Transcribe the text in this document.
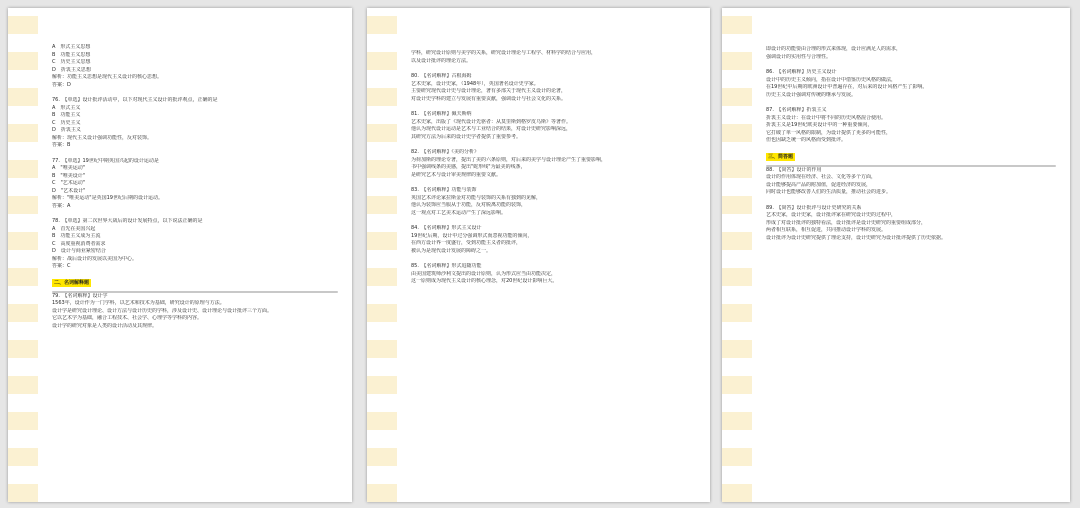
A　形式主义思想
B　功能主义思想
C　历史主义思想
D　折衷主义思想
解析：功能主义思想是现代主义设计的核心思想。
答案：D
76.　【单选】设计批评活动中，以下对现代主义设计的批评观点，正确的是
A　形式主义
B　功能主义
C　历史主义
D　折衷主义
解析：现代主义设计强调功能性，反对装饰。
答案：B
77.　【单选】19世纪中期英国兴起的设计运动是
A　"唯美运动"
B　"唯美设计"
C　"艺术运动"
D　"艺术设计"
解析："唯美运动"是英国19世纪后期的设计运动。
答案：A
78.　【单选】第二次世界大战后的设计发展特点，以下说法正确的是
A　首先在美国兴起
B　功能主义成为主流
C　高度重视消费者需求
D　设计与商业紧密结合
解析：战后设计的发展以美国为中心。
答案：C
二、名词解释题
79.　【名词解释】设计学
1563年，设计作为一门学科，以艺术和技术为基础，研究设计的原理与方法。
设计学是研究设计理论、设计方法与设计历史的学科，涉及设计史、设计理论与设计批评三个方面。
它以艺术学为基础，融合工程技术、社会学、心理学等学科的内容。
设计学的研究对象是人类的设计活动及其规律。
学科，研究设计原则与美学的关系，研究设计理论与工程学、材料学的结合与应用，
以及设计批评的理论方法。
80.　【名词解释】古根海姆
艺术史家，设计史家，（1948年），英国著名设计史学家。
主要研究现代设计史与设计理论，著有多部关于现代主义设计的论著，
对设计史学科的建立与发展有重要贡献，强调设计与社会文化的关系。
81.　【名词解释】佩夫斯纳
艺术史家，出版了《现代设计先驱者：从莫里斯到格罗皮乌斯》等著作。
他认为现代设计运动是艺术与工业结合的结果，对设计史研究影响深远，
其研究方法为后来的设计史学者提供了重要参考。
82.　【名词解释】《美的分析》
为荷加斯的理论专著，提出了美的六条原则，对后来的美学与设计理论产生了重要影响，
书中强调线条的美感，提出"蛇形线"为最美的线条，
是研究艺术与设计审美规律的重要文献。
83.　【名词解释】功能与装饰
英国艺术评论家拉斯金对功能与装饰的关系有独到的见解，
他认为装饰应当服从于功能，反对脱离功能的装饰，
这一观点对工艺美术运动产生了深远影响。
84.　【名词解释】形式主义设计
19世纪后期，设计中过分强调形式而忽视功能的倾向，
在西方设计界一度盛行，受到功能主义者的批评，
被认为是现代设计发展的障碍之一。
85.　【名词解释】形式追随功能
由美国建筑师沙利文提出的设计原则，认为形式应当由功能决定，
这一原则成为现代主义设计的核心理念，对20世纪设计影响巨大。
即设计的功能要由合理的形式来体现，设计应满足人的需求，
强调设计的实用性与合理性。
86.　【名词解释】历史主义设计
设计中的历史主义倾向，指在设计中借鉴历史风格的做法，
在19世纪中后期的欧洲设计中普遍存在，对后来的设计风格产生了影响。
历史主义设计强调对传统的继承与发展。
87.　【名词解释】折衷主义
折衷主义设计：在设计中将不同的历史风格混合使用。
折衷主义是19世纪欧美设计中的一种重要倾向，
它打破了单一风格的限制，为设计提供了更多的可能性，
但也因缺乏统一的风格而受到批评。
三、简答题
88.　【简答】设计的作用
设计的作用体现在经济、社会、文化等多个方面，
设计能够提高产品的附加值，促进经济的发展，
同时设计也能够改善人们的生活质量，推动社会的进步。
89.　【简答】设计批评与设计史研究的关系
艺术史家，设计史家，设计批评家在研究设计史的过程中，
形成了对设计批评的独特看法，设计批评是设计史研究的重要组成部分，
两者相互联系，相互促进，共同推动设计学科的发展。
设计批评为设计史研究提供了理论支持，设计史研究为设计批评提供了历史依据。
